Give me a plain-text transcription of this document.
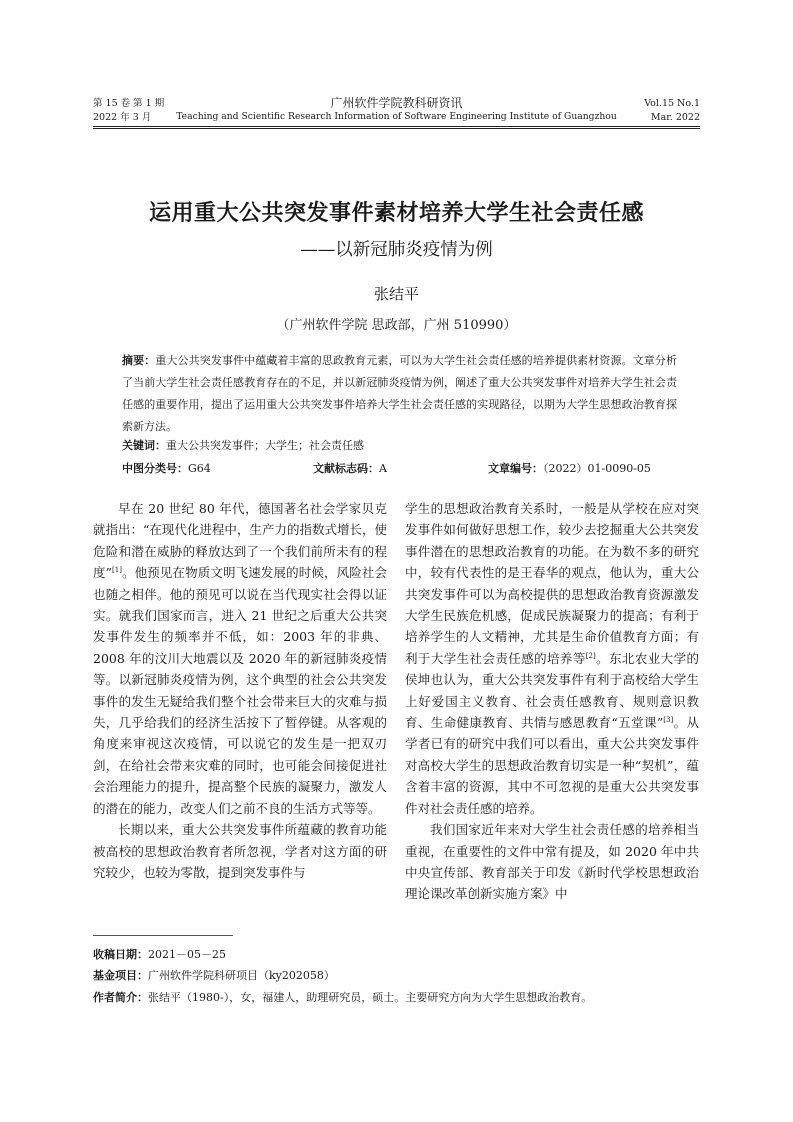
第 15 卷 第 1 期
2022 年 3 月
广州软件学院教科研资讯
Teaching and Scientific Research Information of Software Engineering Institute of Guangzhou
Vol.15 No.1
Mar. 2022
运用重大公共突发事件素材培养大学生社会责任感
——以新冠肺炎疫情为例
张结平
（广州软件学院 思政部，广州 510990）
摘要：重大公共突发事件中蕴藏着丰富的思政教育元素，可以为大学生社会责任感的培养提供素材资源。文章分析了当前大学生社会责任感教育存在的不足，并以新冠肺炎疫情为例，阐述了重大公共突发事件对培养大学生社会责任感的重要作用，提出了运用重大公共突发事件培养大学生社会责任感的实现路径，以期为大学生思想政治教育探索新方法。
关键词：重大公共突发事件；大学生；社会责任感
中图分类号：G64	文献标志码：A	文章编号：（2022）01-0090-05

早在 20 世纪 80 年代，德国著名社会学家贝克就指出：“在现代化进程中，生产力的指数式增长，使危险和潜在威胁的释放达到了一个我们前所未有的程度”[1]。他预见在物质文明飞速发展的时候，风险社会也随之相伴。他的预见可以说在当代现实社会得以证实。就我们国家而言，进入 21 世纪之后重大公共突发事件发生的频率并不低，如：2003 年的非典、2008 年的汶川大地震以及 2020 年的新冠肺炎疫情等。以新冠肺炎疫情为例，这个典型的社会公共突发事件的发生无疑给我们整个社会带来巨大的灾难与损失，几乎给我们的经济生活按下了暂停键。从客观的角度来审视这次疫情，可以说它的发生是一把双刃剑，在给社会带来灾难的同时，也可能会间接促进社会治理能力的提升，提高整个民族的凝聚力，激发人的潜在的能力，改变人们之前不良的生活方式等等。

长期以来，重大公共突发事件所蕴藏的教育功能被高校的思想政治教育者所忽视，学者对这方面的研究较少，也较为零散，提到突发事件与

学生的思想政治教育关系时，一般是从学校在应对突发事件如何做好思想工作，较少去挖掘重大公共突发事件潜在的思想政治教育的功能。在为数不多的研究中，较有代表性的是王春华的观点，他认为，重大公共突发事件可以为高校提供的思想政治教育资源激发大学生民族危机感，促成民族凝聚力的提高；有利于培养学生的人文精神，尤其是生命价值教育方面；有利于大学生社会责任感的培养等[2]。东北农业大学的侯坤也认为，重大公共突发事件有利于高校给大学生上好爱国主义教育、社会责任感教育、规则意识教育、生命健康教育、共情与感恩教育“五堂课”[3]。从学者已有的研究中我们可以看出，重大公共突发事件对高校大学生的思想政治教育切实是一种“契机”，蕴含着丰富的资源，其中不可忽视的是重大公共突发事件对社会责任感的培养。

我们国家近年来对大学生社会责任感的培养相当重视，在重要性的文件中常有提及，如 2020 年中共中央宣传部、教育部关于印发《新时代学校思想政治理论课改革创新实施方案》中

收稿日期：2021－05－25
基金项目：广州软件学院科研项目（ky202058）
作者简介：张结平（1980-），女，福建人，助理研究员，硕士。主要研究方向为大学生思想政治教育。
